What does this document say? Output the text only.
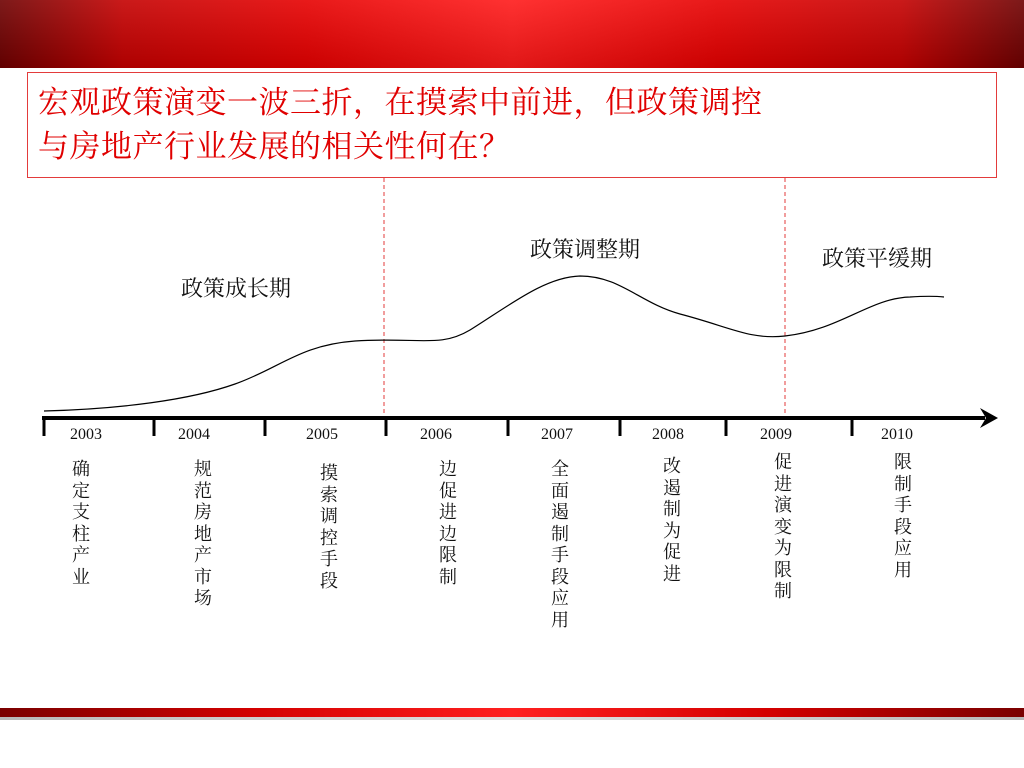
宏观政策演变一波三折，在摸索中前进，但政策调控
与房地产行业发展的相关性何在？
政策成长期
政策调整期	政策平缓期
2003	2004	2005	2006	2007	2008	2009	2010
确定支柱产业
规范房地产市场
摸索调控手段
边促进边限制
全面遏制手段应用
改遏制为促进
促进演变为限制
限制手段应用
